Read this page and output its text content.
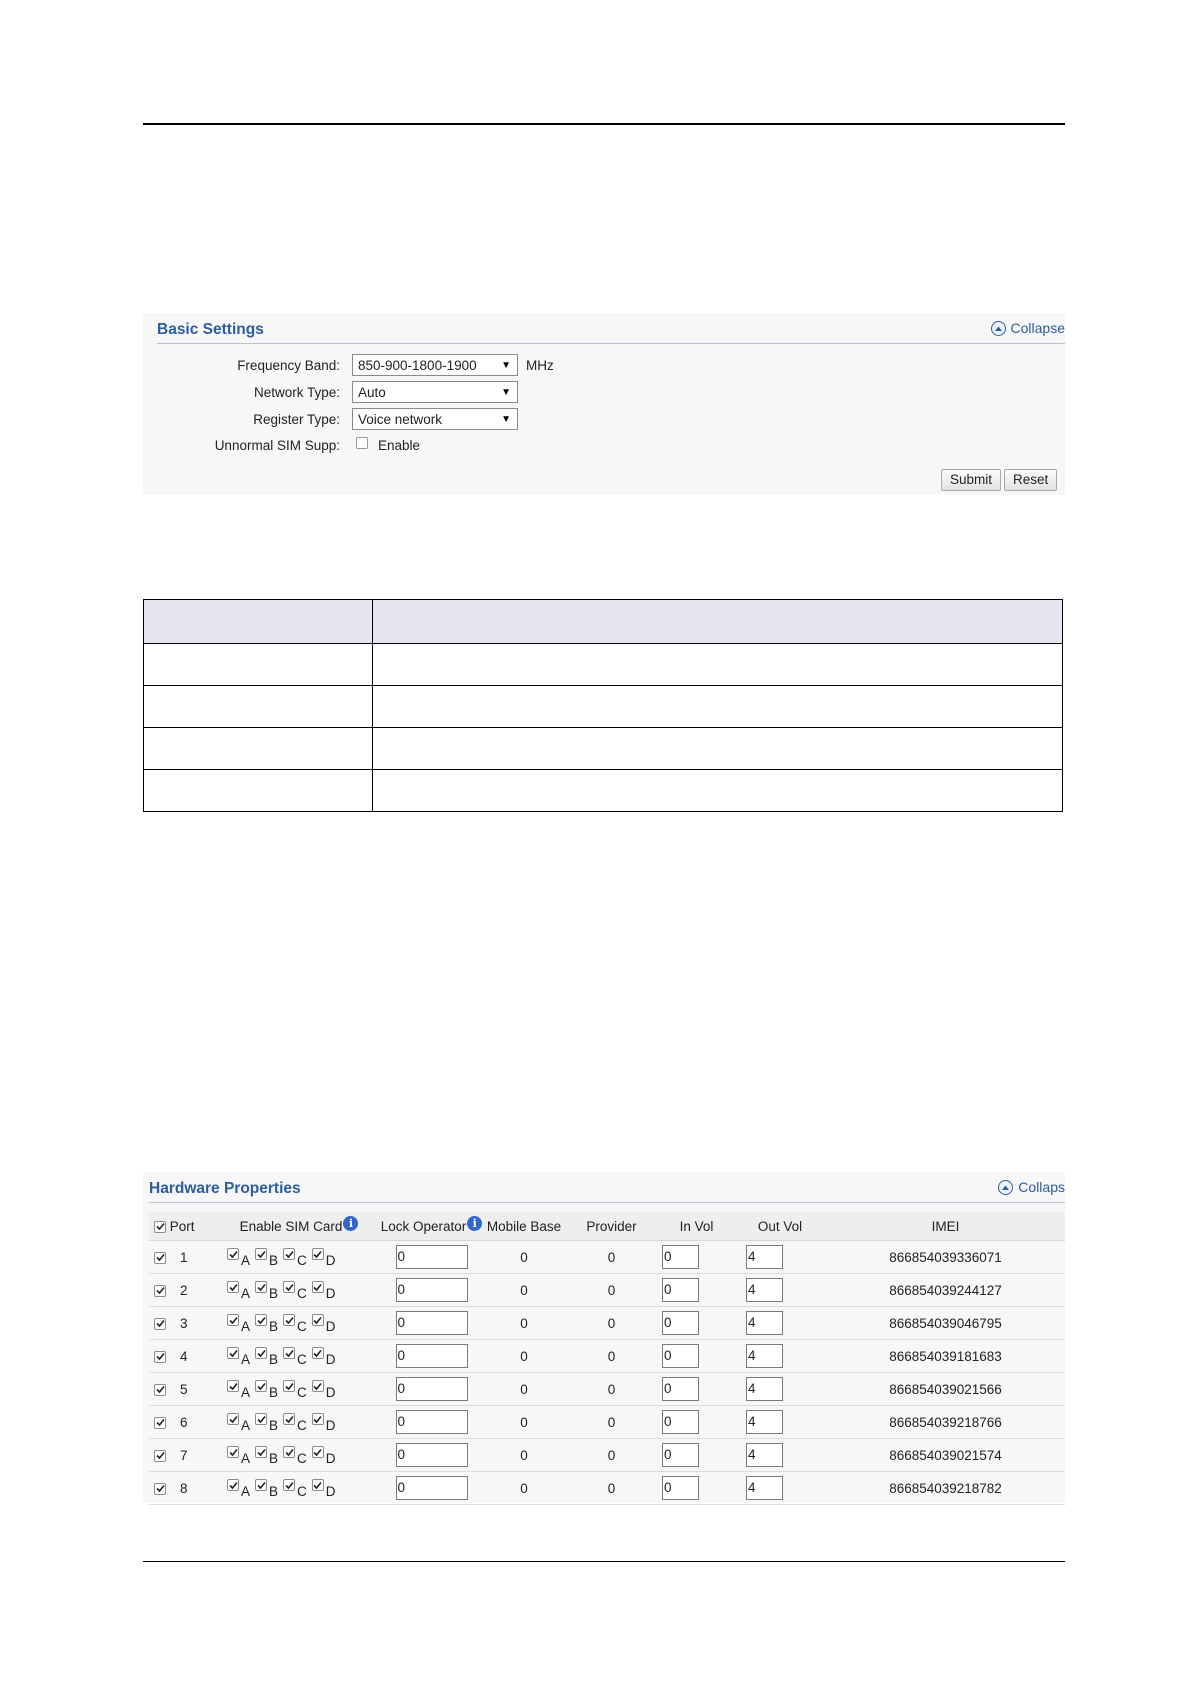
Basic Settings	Collapse
Frequency Band: 850-900-1800-1900 ▼ MHz
Network Type: Auto	▼
Register Type: Voice network	▼
Unnormal SIM Supp:	Enable
Submit	Reset

Hardware Properties	Collaps
Port	Enable SIM Card i	Lock Operator i	Mobile Base	Provider	In Vol	Out Vol	IMEI

1	A B C D	0	0	0	0	4	866854039336071

2	A B C D	0	0	0	0	4	866854039244127

3	A B C D	0	0	0	0	4	866854039046795

4	A B C D	0	0	0	0	4	866854039181683

5	A B C D	0	0	0	0	4	866854039021566

6	A B C D	0	0	0	0	4	866854039218766

7	A B C D	0	0	0	0	4	866854039021574

8	A B C D	0	0	0	0	4	866854039218782
